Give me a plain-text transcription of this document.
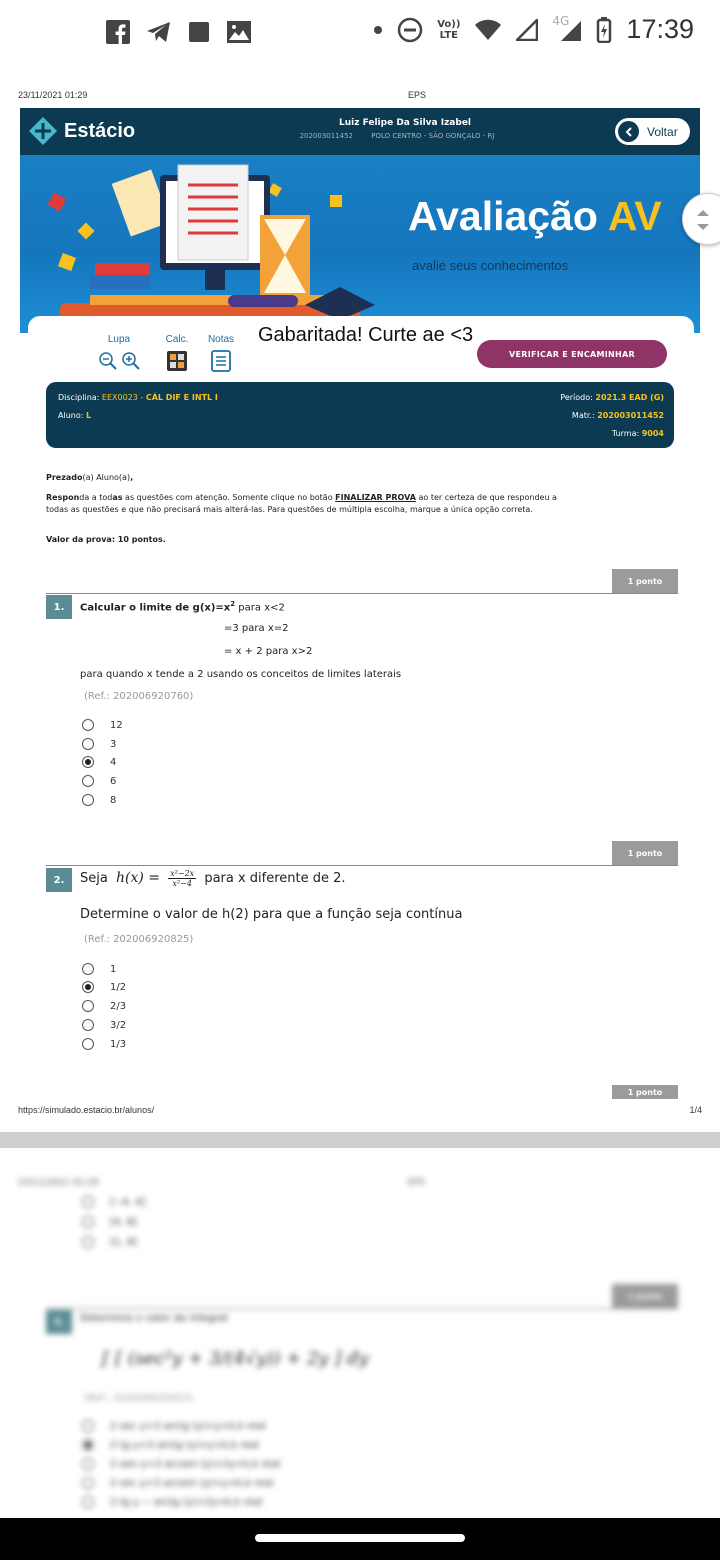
Vo))
LTE
4G 17:39
23/11/2021 01:29	EPS
Estácio	Luiz Felipe Da Silva Izabel
202003011452	POLO CENTRO - SÃO GONÇALO - RJ	Voltar
Avaliação AV
avalie seus conhecimentos
Lupa	Calc. Notas Gabaritada! Curte ae <3
VERIFICAR E ENCAMINHAR
Disciplina: EEX0023 - CÁL DIF E INTL I
Aluno: L
Período: 2021.3 EAD (G)
Matr.: 202003011452
Turma: 9004
Prezado(a) Aluno(a),
Responda a todas as questões com atenção. Somente clique no botão FINALIZAR PROVA ao ter certeza de que respondeu a
todas as questões e que não precisará mais alterá-las. Para questões de múltipla escolha, marque a única opção correta.
Valor da prova: 10 pontos.
1 ponto
1.	Calcular o limite de $g(x)=x^2$ para x<2
=3 para x=2
= x + 2 para x>2
para quando x tende a 2 usando os conceitos de limites laterais
(Ref.: 202006920760)
12
3
4
6
8
1 ponto
2.	Seja $h(x) = \frac{\text{x²−2x}}{\text{x²−4}}$ para x diferente de 2.
Determine o valor de h(2) para que a função seja contínua
(Ref.: 202006920825)
1
1/2
2/3
3/2
1/3
1 ponto
https://simulado.estacio.br/alunos/	1/4
23/11/2021 01:29	EPS
[−4, 4]
[4, 8]
[1, 9]
1 ponto
3.	Determine o valor da integral
∫ [ (sec²y + 3/(4√y)) + 2y ] dy
(Ref.: 202006920923)
2 sec y+3 arctg (y)+y+k,k real
2 tg y+3 arctg (y)+y+k,k real
2 sen y+3 arcsen (y)+2y+k,k real
2 sec y+3 arcsen (y)+y+k,k real
2 tg y − arctg (y)+2y+k,k real
